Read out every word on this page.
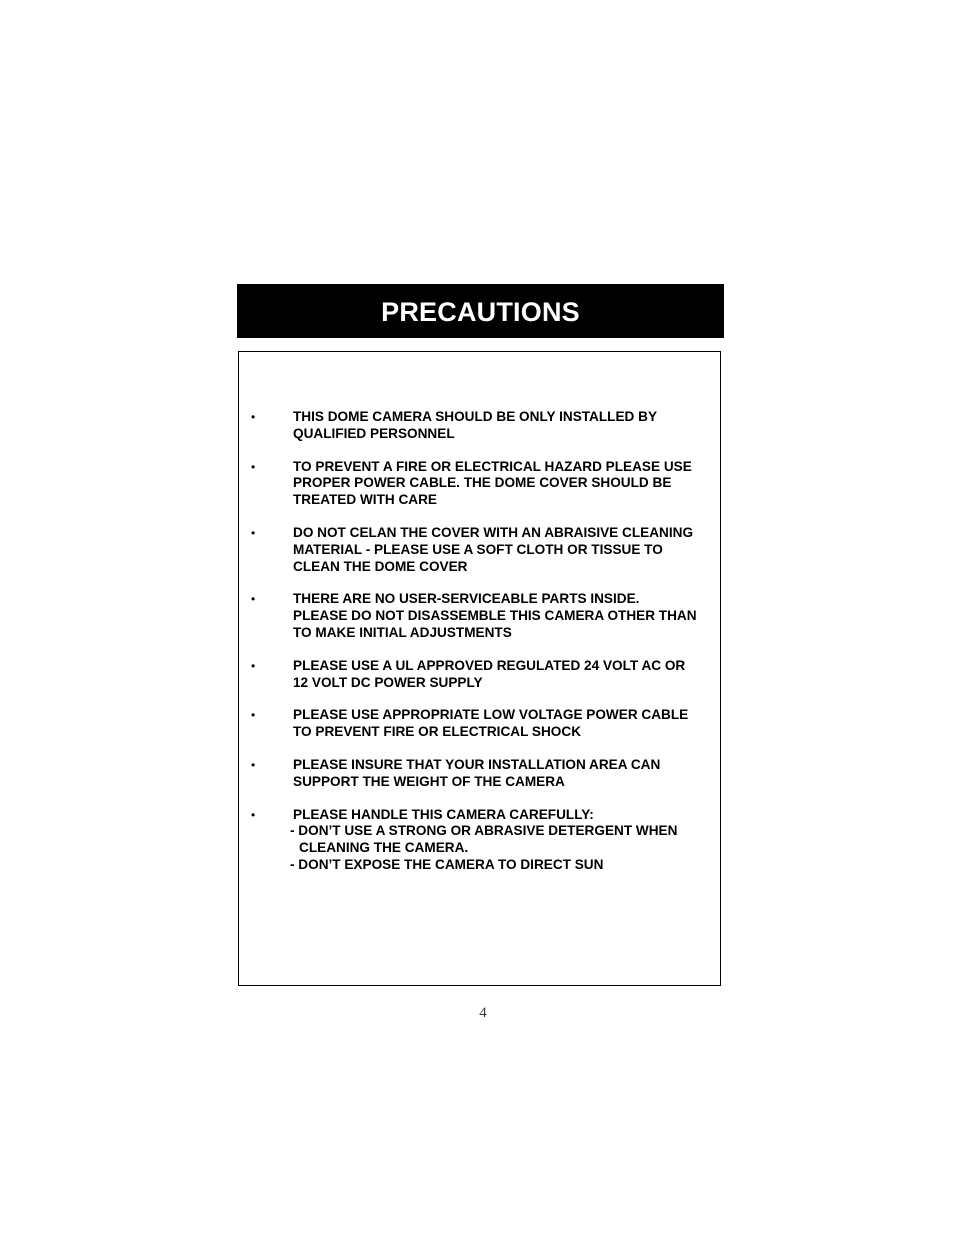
PRECAUTIONS
•	THIS DOME CAMERA SHOULD BE ONLY INSTALLED BY
QUALIFIED PERSONNEL
•	TO PREVENT A FIRE OR ELECTRICAL HAZARD PLEASE USE
PROPER POWER CABLE. THE DOME COVER SHOULD BE
TREATED WITH CARE
•	DO NOT CELAN THE COVER WITH AN ABRAISIVE CLEANING
MATERIAL - PLEASE USE A SOFT CLOTH OR TISSUE TO
CLEAN THE DOME COVER
•	THERE ARE NO USER-SERVICEABLE PARTS INSIDE.
PLEASE DO NOT DISASSEMBLE THIS CAMERA OTHER THAN
TO MAKE INITIAL ADJUSTMENTS
•	PLEASE USE A UL APPROVED REGULATED 24 VOLT AC OR
12 VOLT DC POWER SUPPLY
•	PLEASE USE APPROPRIATE LOW VOLTAGE POWER CABLE
TO PREVENT FIRE OR ELECTRICAL SHOCK
•	PLEASE INSURE THAT YOUR INSTALLATION AREA CAN
SUPPORT THE WEIGHT OF THE CAMERA
•	PLEASE HANDLE THIS CAMERA CAREFULLY:
- DON’T USE A STRONG OR ABRASIVE DETERGENT WHEN CLEANING THE CAMERA.
- DON’T EXPOSE THE CAMERA TO DIRECT SUN
4
